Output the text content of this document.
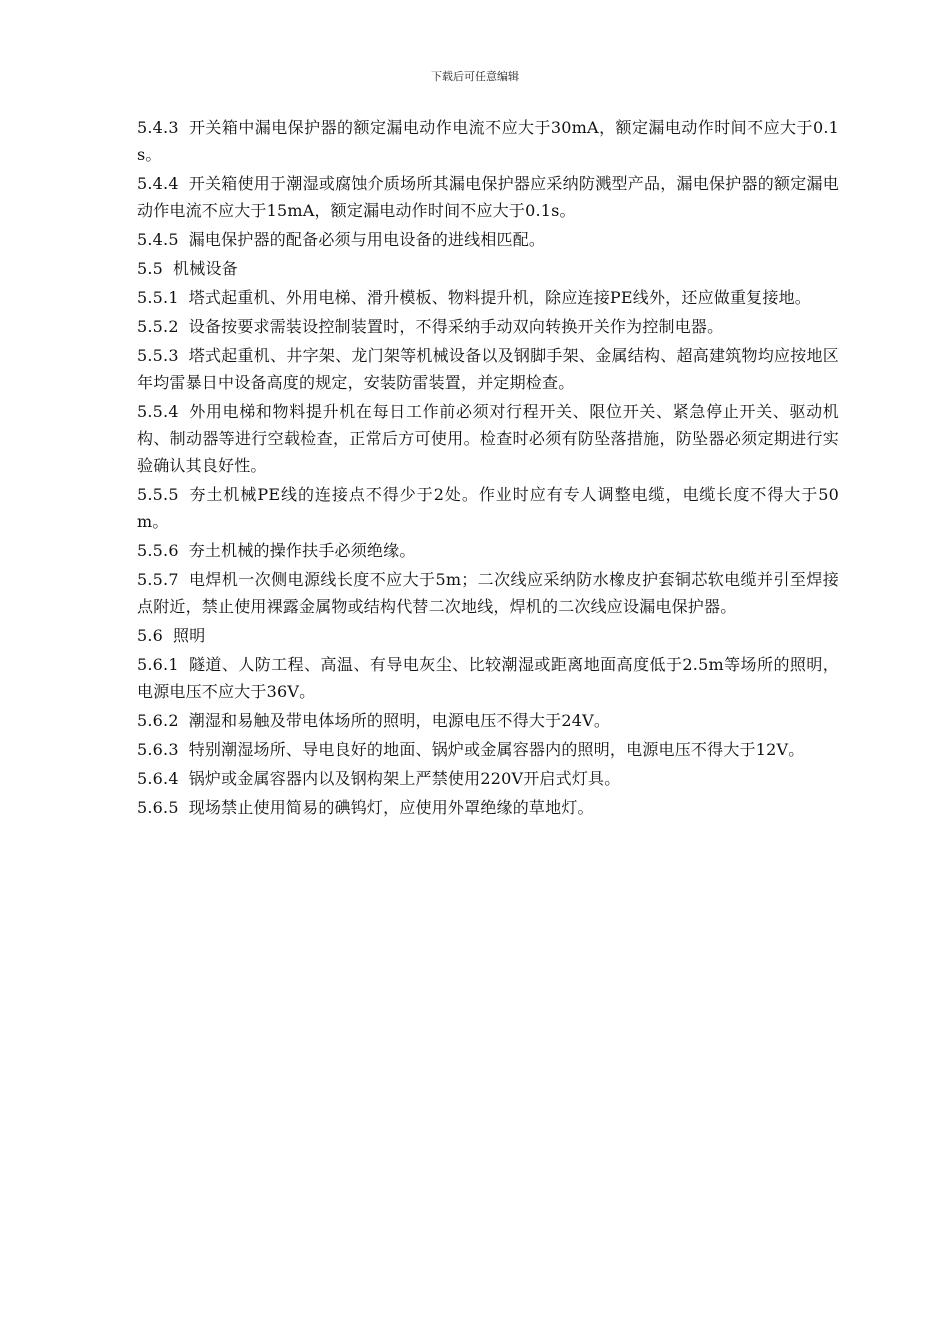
下载后可任意编辑

5.4.3 开关箱中漏电保护器的额定漏电动作电流不应大于30mA，额定漏电动作时间不应大于0.1s。

5.4.4 开关箱使用于潮湿或腐蚀介质场所其漏电保护器应采纳防溅型产品，漏电保护器的额定漏电动作电流不应大于15mA，额定漏电动作时间不应大于0.1s。

5.4.5 漏电保护器的配备必须与用电设备的进线相匹配。

5.5 机械设备

5.5.1 塔式起重机、外用电梯、滑升模板、物料提升机，除应连接PE线外，还应做重复接地。

5.5.2 设备按要求需装设控制装置时，不得采纳手动双向转换开关作为控制电器。

5.5.3 塔式起重机、井字架、龙门架等机械设备以及钢脚手架、金属结构、超高建筑物均应按地区年均雷暴日中设备高度的规定，安装防雷装置，并定期检查。

5.5.4 外用电梯和物料提升机在每日工作前必须对行程开关、限位开关、紧急停止开关、驱动机构、制动器等进行空载检查，正常后方可使用。检查时必须有防坠落措施，防坠器必须定期进行实验确认其良好性。

5.5.5 夯土机械PE线的连接点不得少于2处。作业时应有专人调整电缆，电缆长度不得大于50m。

5.5.6 夯土机械的操作扶手必须绝缘。

5.5.7 电焊机一次侧电源线长度不应大于5m；二次线应采纳防水橡皮护套铜芯软电缆并引至焊接点附近，禁止使用裸露金属物或结构代替二次地线，焊机的二次线应设漏电保护器。

5.6 照明

5.6.1 隧道、人防工程、高温、有导电灰尘、比较潮湿或距离地面高度低于2.5m等场所的照明，电源电压不应大于36V。

5.6.2 潮湿和易触及带电体场所的照明，电源电压不得大于24V。

5.6.3 特别潮湿场所、导电良好的地面、锅炉或金属容器内的照明，电源电压不得大于12V。

5.6.4 锅炉或金属容器内以及钢构架上严禁使用220V开启式灯具。

5.6.5 现场禁止使用简易的碘钨灯，应使用外罩绝缘的草地灯。
